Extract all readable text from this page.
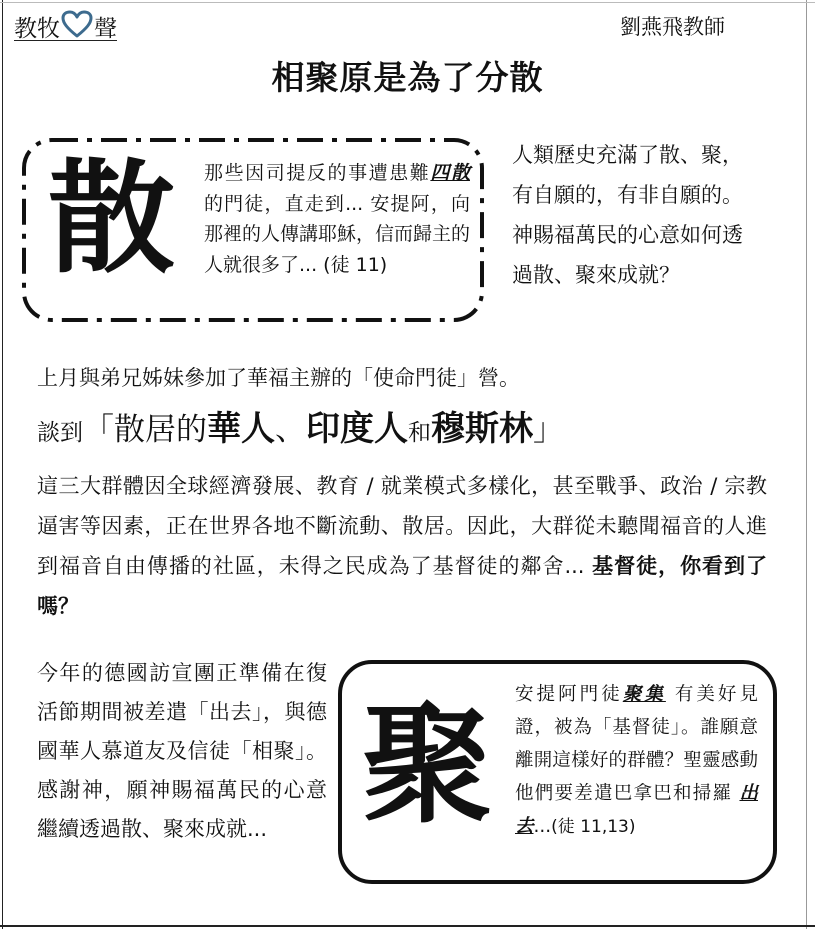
教牧 聲	劉燕飛教師
相聚原是為了分散
散 那些因司提反的事遭患難四散 的門徒，直走到... 安提阿，向那裡的人傳講耶穌，信而歸主的人就很多了... (徒 11)
人類歷史充滿了散、聚，有自願的，有非自願的。神賜福萬民的心意如何透過散、聚來成就？
上月與弟兄姊妹參加了華福主辦的「使命門徒」營。
談到「散居的華人、印度人和穆斯林」
這三大群體因全球經濟發展、教育 / 就業模式多樣化，甚至戰爭、政治 / 宗教逼害等因素，正在世界各地不斷流動、散居。因此，大群從未聽聞福音的人進到福音自由傳播的社區，未得之民成為了基督徒的鄰舍... 基督徒，你看到了嗎？
今年的德國訪宣團正準備在復活節期間被差遣「出去」，與德國華人慕道友及信徒「相聚」。感謝神，願神賜福萬民的心意繼續透過散、聚來成就... 聚 安提阿門徒聚集 有美好見證，被為「基督徒」。誰願意離開這樣好的群體？聖靈感動他們要差遣巴拿巴和掃羅 出去...(徒 11,13)
